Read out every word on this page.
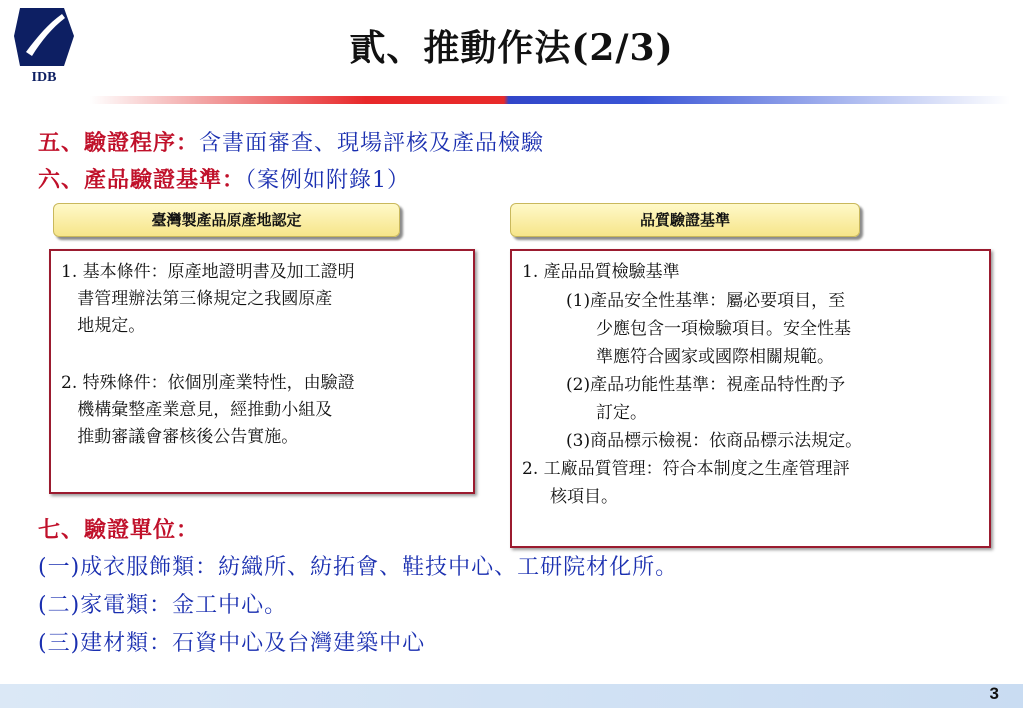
IDB
貳、推動作法(2/3)
五、驗證程序：含書面審查、現場評核及產品檢驗
六、產品驗證基準：（案例如附錄1）
臺灣製產品原產地認定	品質驗證基準
1. 基本條件：原產地證明書及加工證明
書管理辦法第三條規定之我國原產
地規定。
2. 特殊條件：依個別產業特性，由驗證
機構彙整產業意見，經推動小組及
推動審議會審核後公告實施。
1. 產品品質檢驗基準
(1)產品安全性基準：屬必要項目，至
少應包含一項檢驗項目。安全性基
準應符合國家或國際相關規範。
(2)產品功能性基準：視產品特性酌予
訂定。
(3)商品標示檢視：依商品標示法規定。
2. 工廠品質管理：符合本制度之生產管理評
核項目。
七、驗證單位：
(一)成衣服飾類：紡織所、紡拓會、鞋技中心、工研院材化所。
(二)家電類：金工中心。
(三)建材類：石資中心及台灣建築中心
3
